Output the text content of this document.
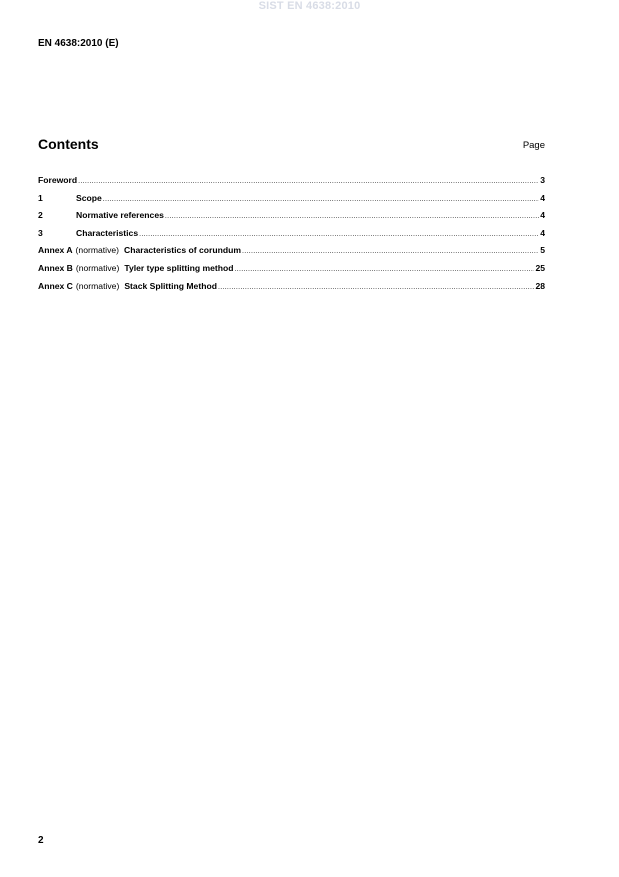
SIST EN 4638:2010
EN 4638:2010 (E)
Contents	Page
Foreword .....	3
1	Scope .....	4
2	Normative references .....	4
3	Characteristics .....	4
Annex A (normative) Characteristics of corundum .....	5
Annex B (normative) Tyler type splitting method .....	25
Annex C (normative) Stack Splitting Method .....	28
2
